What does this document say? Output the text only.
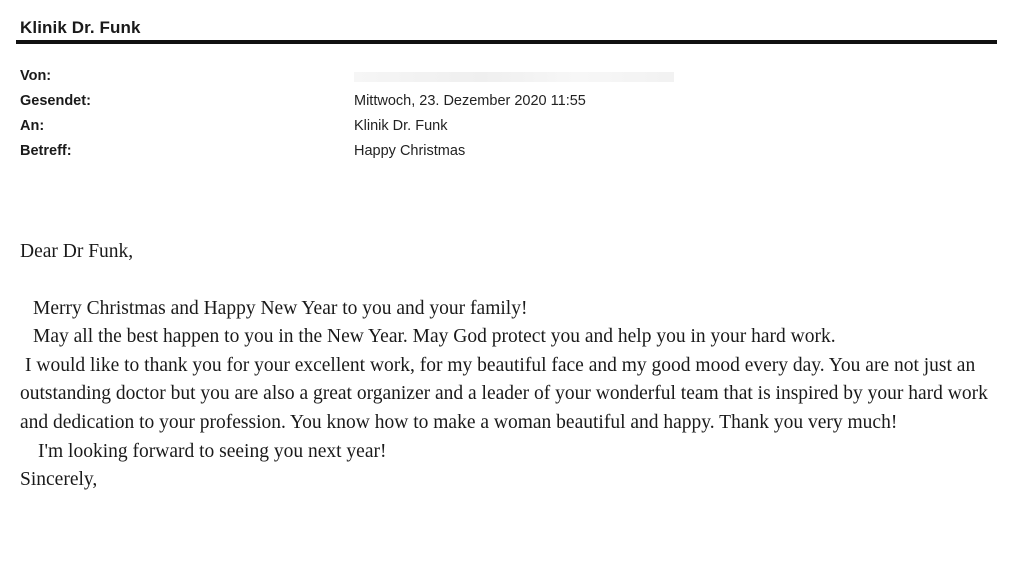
Klinik Dr. Funk
Von:
Gesendet:	Mittwoch, 23. Dezember 2020 11:55
An:	Klinik Dr. Funk
Betreff:	Happy Christmas

Dear Dr Funk,

Merry Christmas and Happy New Year to you and your family!

May all the best happen to you in the New Year. May God protect you and help you in your hard work.

I would like to thank you for your excellent work, for my beautiful face and my good mood every day. You are not just an outstanding doctor but you are also a great organizer and a leader of your wonderful team that is inspired by your hard work and dedication to your profession. You know how to make a woman beautiful and happy. Thank you very much!

I'm looking forward to seeing you next year!

Sincerely,
